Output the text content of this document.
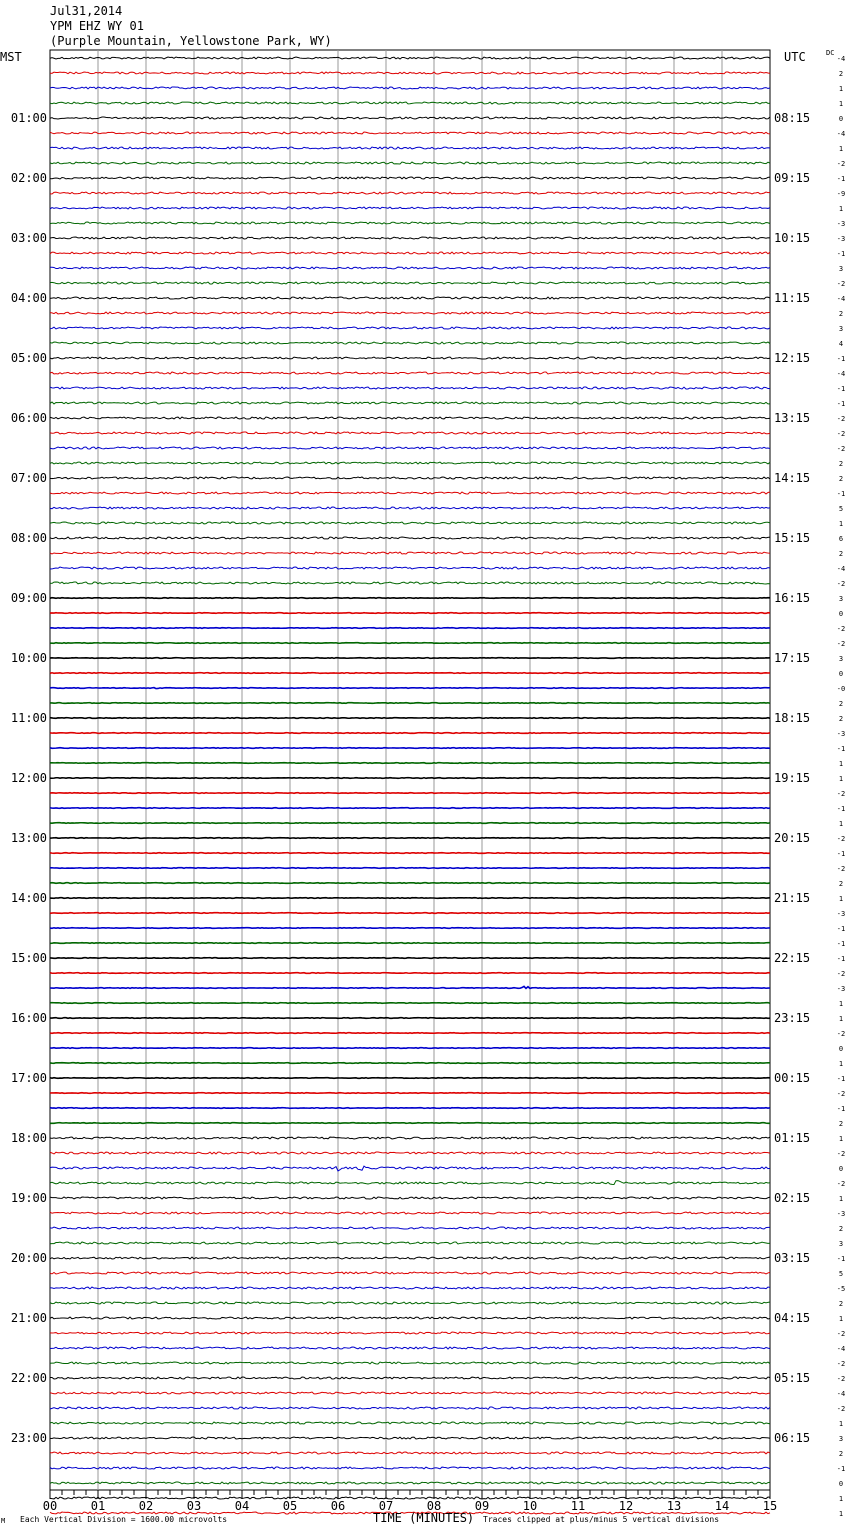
Jul31,2014
YPM EHZ WY 01
(Purple Mountain, Yellowstone Park, WY)
MST	UTC	DC
-4
2
1
1
0
-4
1
-2
-1
-9
1
-3
-3
-1
3
-2
-4
2
3
4
-1
-4
-1
-1
-2
-2
-2
2
2
-1
5
1
6
2
-4
-2
3
0
-2
-2
3
0
-0
2
2
-3
-1
1
1
-2
-1
1
-2
-1
-2
2
1
-3
-1
-1
-1
-2
-3
1
1
-2
0
1
-1
-2
-1
2
1
-2
0
-2
1
-3
2
3
-1
5
-5
2
1
-2
-4
-2
-2
-4
-2
1
3
2
-1
0
1
1
01:00
02:00
03:00
04:00
05:00
06:00
07:00
08:00
09:00
10:00
11:00
12:00
13:00
14:00
15:00
16:00
17:00
18:00
19:00
20:00
21:00
22:00
23:00
08:15
09:15
10:15
11:15
12:15
13:15
14:15
15:15
16:15
17:15
18:15
19:15
20:15
21:15
22:15
23:15
00:15
01:15
02:15
03:15
04:15
05:15
06:15
00	01	02	03	04	05	06	07	08	09	10	11	12	13	14	15
M Each Vertical Division = 1600.00 microvolts	TIME (MINUTES) Traces clipped at plus/minus 5 vertical divisions
